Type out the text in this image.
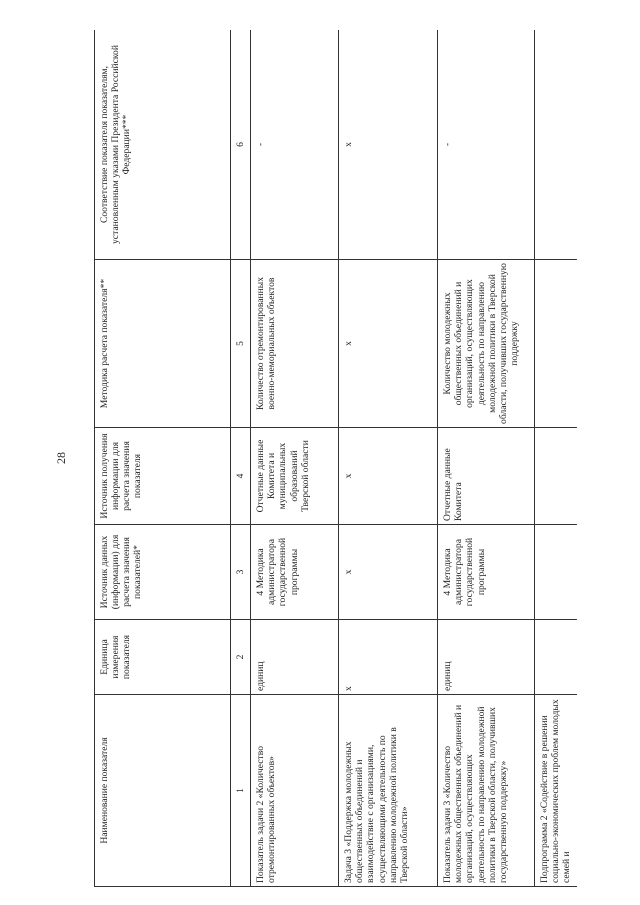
28
Наименование показателя	Единица измерения показателя	Источник данных (информации) для расчета значения показателей*	Источник получения информации для расчета значения показателя	Методика расчета показателя**	Соответствие показателя показателям, установленным указами Президента Российской Федерации***
1	2	3	4	5	6
Показатель задачи 2 «Количество отремонтированных объектов»	единиц	4 Методика администратора государственной программы	Отчетные данные Комитета и муниципальных образований Тверской области	Количество отремонтированных военно-мемориальных объектов	-
Задача 3 «Поддержка молодежных общественных объединений и взаимодействие с организациями, осуществляющими деятельность по направлению молодежной политики в Тверской области»	х	х	х	х	х
Показатель задачи 3 «Количество молодежных общественных объединений и организаций, осуществляющих деятельность по направлению молодежной политики в Тверской области, получивших государственную поддержку»	единиц	4 Методика администратора государственной программы	Отчетные данные Комитета	Количество молодежных общественных объединений и организаций, осуществляющих деятельность по направлению молодежной политики в Тверской области, получивших государственную поддержку	-
Подпрограмма 2 «Содействие в решении социально-экономических проблем молодых семей и					
